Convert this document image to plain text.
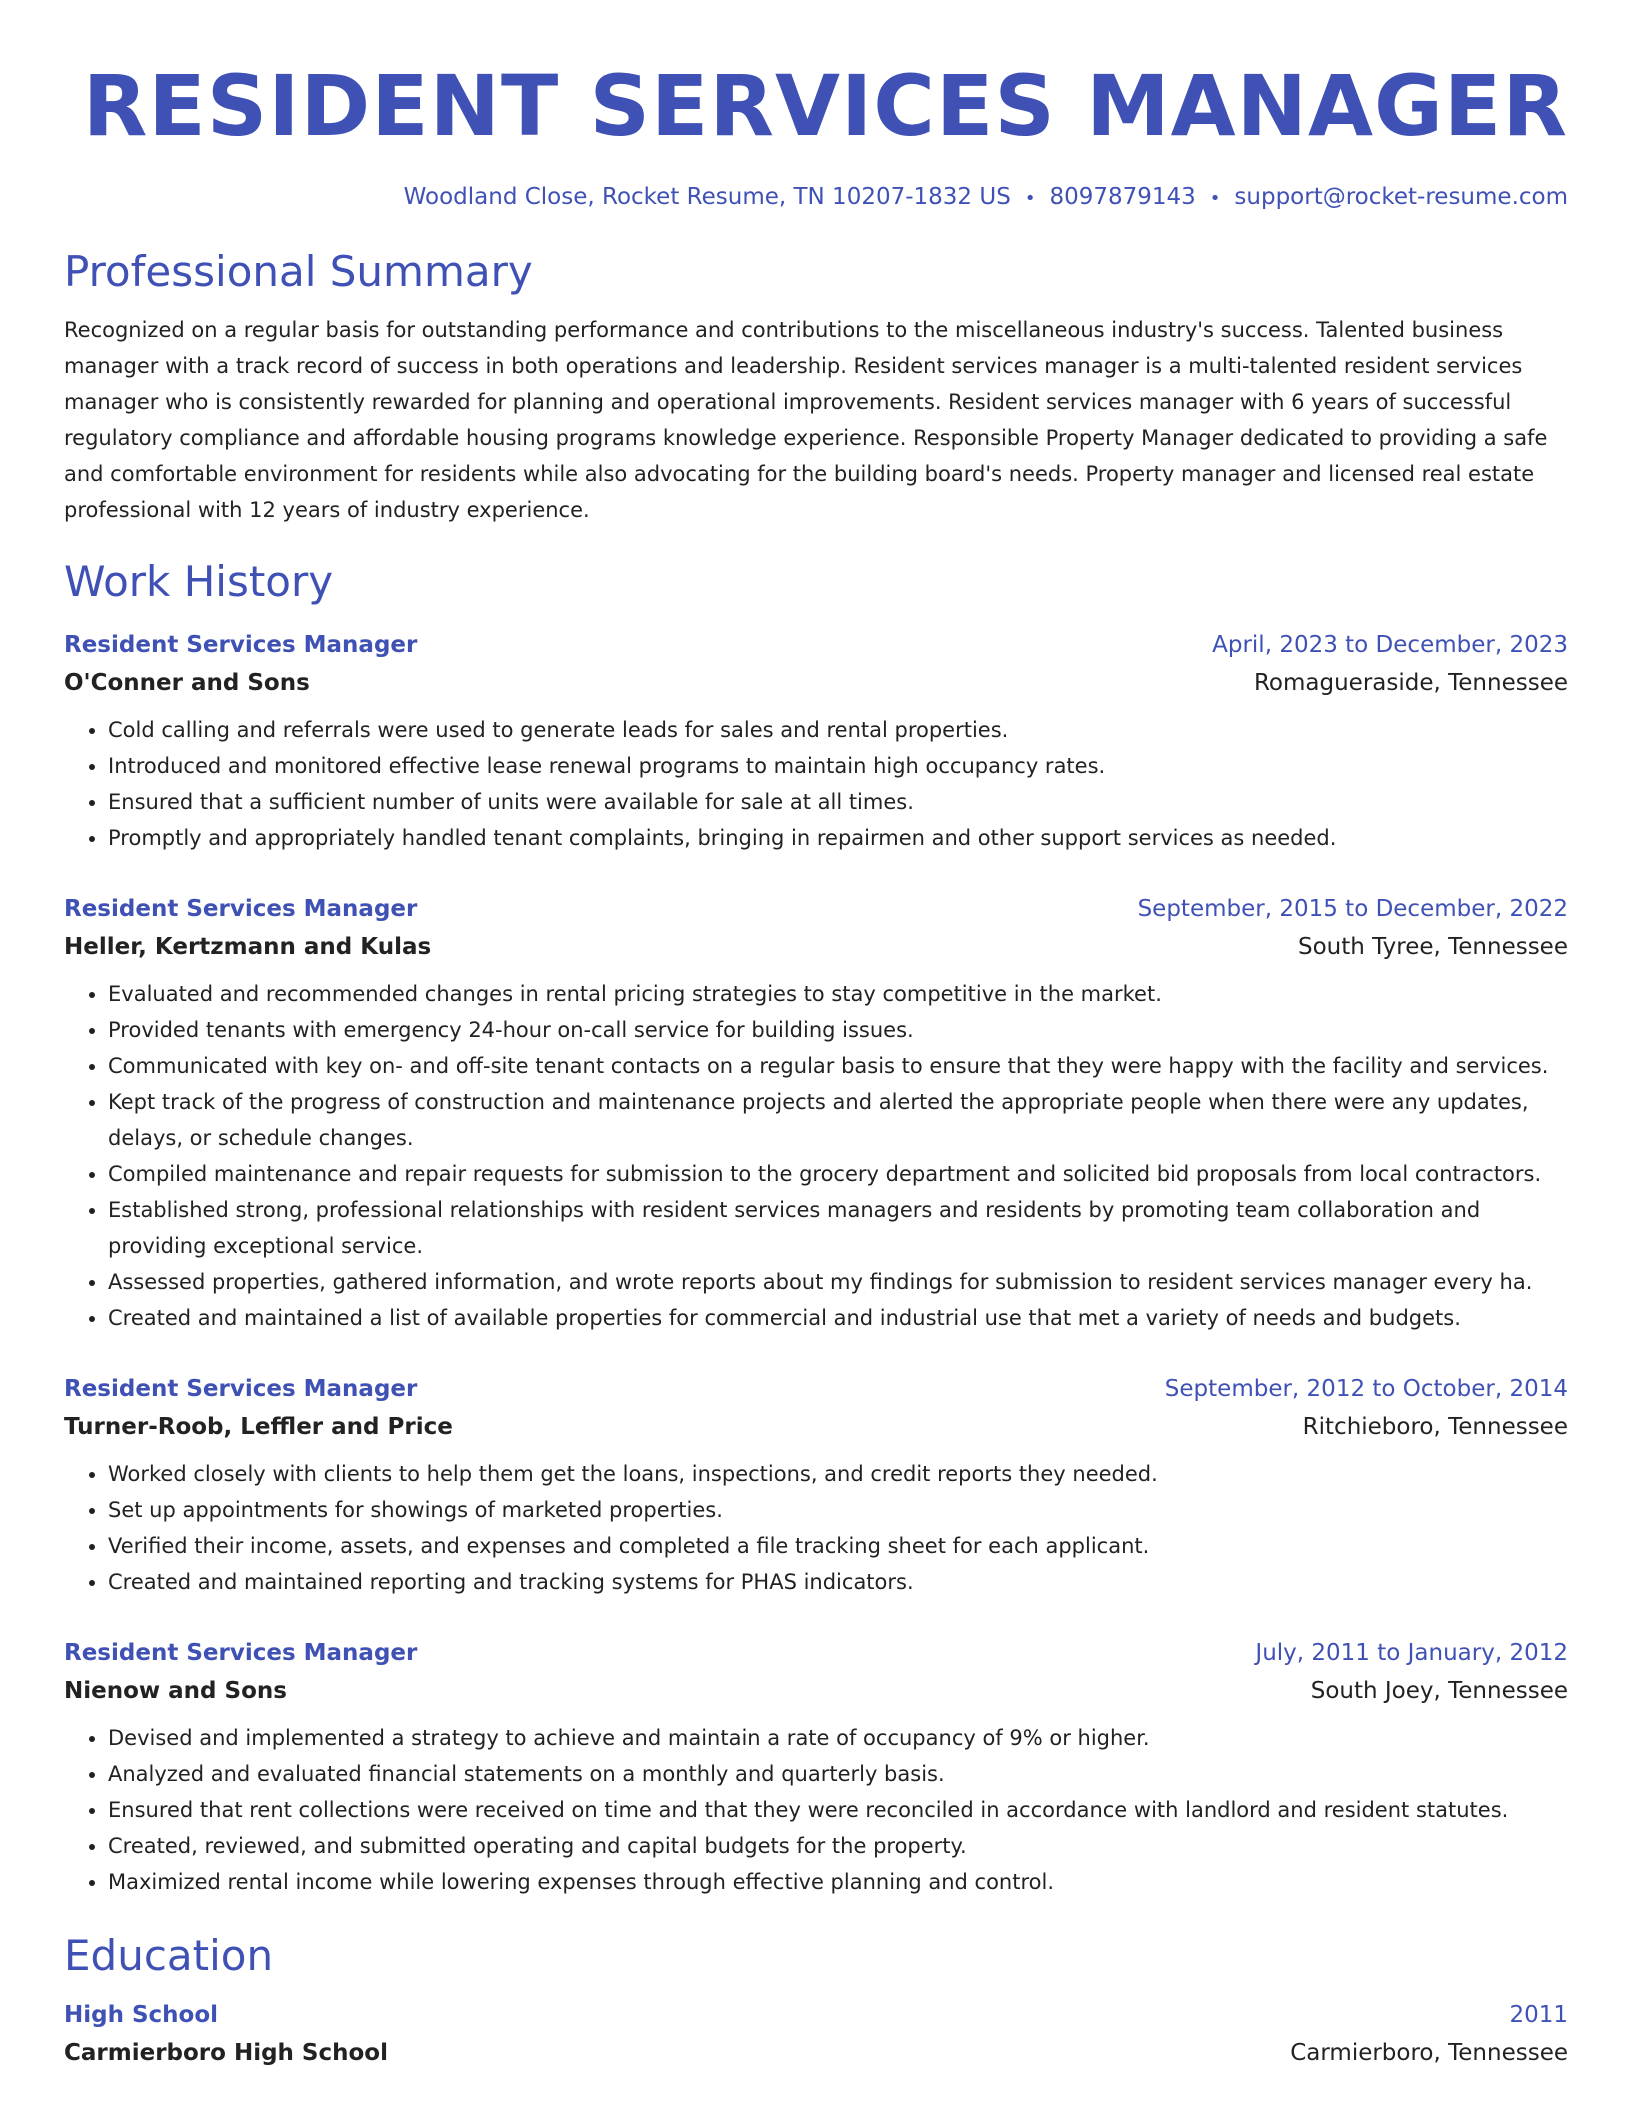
RESIDENT SERVICES MANAGER
Woodland Close, Rocket Resume, TN 10207-1832 US • 8097879143 • support@rocket-resume.com
Professional Summary
Recognized on a regular basis for outstanding performance and contributions to the miscellaneous industry's success. Talented business manager with a track record of success in both operations and leadership. Resident services manager is a multi-talented resident services manager who is consistently rewarded for planning and operational improvements. Resident services manager with 6 years of successful regulatory compliance and affordable housing programs knowledge experience. Responsible Property Manager dedicated to providing a safe and comfortable environment for residents while also advocating for the building board's needs. Property manager and licensed real estate professional with 12 years of industry experience.
Work History
Resident Services Manager	April, 2023 to December, 2023
O'Conner and Sons	Romagueraside, Tennessee
• Cold calling and referrals were used to generate leads for sales and rental properties.
• Introduced and monitored effective lease renewal programs to maintain high occupancy rates.
• Ensured that a sufficient number of units were available for sale at all times.
• Promptly and appropriately handled tenant complaints, bringing in repairmen and other support services as needed.
Resident Services Manager	September, 2015 to December, 2022
Heller, Kertzmann and Kulas	South Tyree, Tennessee
• Evaluated and recommended changes in rental pricing strategies to stay competitive in the market.
• Provided tenants with emergency 24-hour on-call service for building issues.
• Communicated with key on- and off-site tenant contacts on a regular basis to ensure that they were happy with the facility and services.
• Kept track of the progress of construction and maintenance projects and alerted the appropriate people when there were any updates, delays, or schedule changes.
• Compiled maintenance and repair requests for submission to the grocery department and solicited bid proposals from local contractors.
• Established strong, professional relationships with resident services managers and residents by promoting team collaboration and providing exceptional service.
• Assessed properties, gathered information, and wrote reports about my findings for submission to resident services manager every ha.
• Created and maintained a list of available properties for commercial and industrial use that met a variety of needs and budgets.
Resident Services Manager	September, 2012 to October, 2014
Turner-Roob, Leffler and Price	Ritchieboro, Tennessee
• Worked closely with clients to help them get the loans, inspections, and credit reports they needed.
• Set up appointments for showings of marketed properties.
• Verified their income, assets, and expenses and completed a file tracking sheet for each applicant.
• Created and maintained reporting and tracking systems for PHAS indicators.
Resident Services Manager	July, 2011 to January, 2012
Nienow and Sons	South Joey, Tennessee
• Devised and implemented a strategy to achieve and maintain a rate of occupancy of 9% or higher.
• Analyzed and evaluated financial statements on a monthly and quarterly basis.
• Ensured that rent collections were received on time and that they were reconciled in accordance with landlord and resident statutes.
• Created, reviewed, and submitted operating and capital budgets for the property.
• Maximized rental income while lowering expenses through effective planning and control.
Education
High School	2011
Carmierboro High School	Carmierboro, Tennessee
